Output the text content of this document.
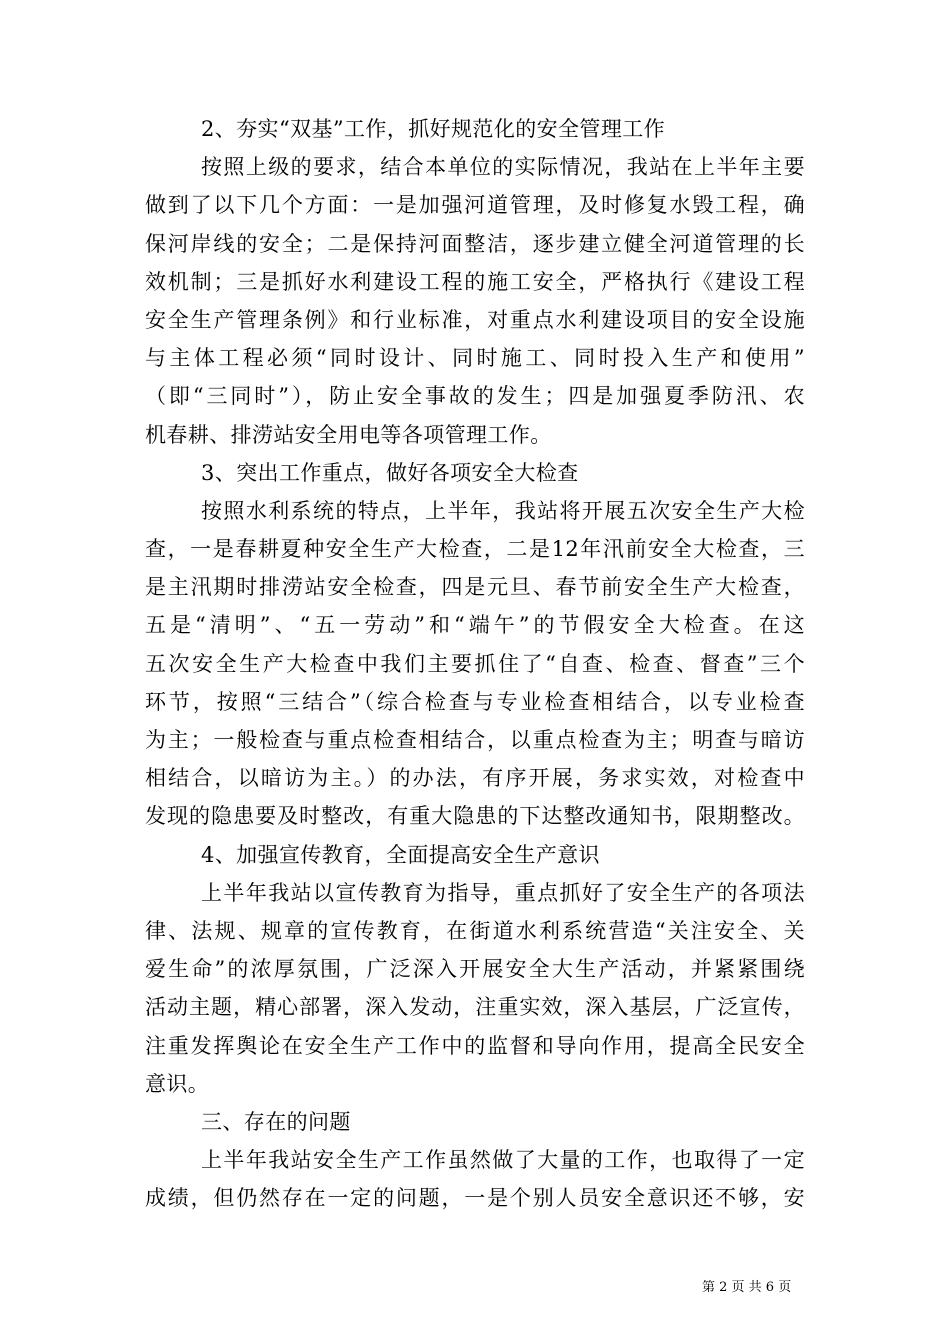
2、夯实“双基”工作，抓好规范化的安全管理工作
按照上级的要求，结合本单位的实际情况，我站在上半年主要
做到了以下几个方面：一是加强河道管理，及时修复水毁工程，确
保河岸线的安全；二是保持河面整洁，逐步建立健全河道管理的长
效机制；三是抓好水利建设工程的施工安全，严格执行《建设工程
安全生产管理条例》和行业标准，对重点水利建设项目的安全设施
与主体工程必须“同时设计、同时施工、同时投入生产和使用”
（即“三同时”），防止安全事故的发生；四是加强夏季防汛、农
机春耕、排涝站安全用电等各项管理工作。
3、突出工作重点，做好各项安全大检查
按照水利系统的特点，上半年，我站将开展五次安全生产大检
查，一是春耕夏种安全生产大检查，二是12年汛前安全大检查，三
是主汛期时排涝站安全检查，四是元旦、春节前安全生产大检查，
五是“清明”、“五一劳动”和“端午”的节假安全大检查。在这
五次安全生产大检查中我们主要抓住了“自查、检查、督查”三个
环节，按照“三结合”（综合检查与专业检查相结合，以专业检查
为主；一般检查与重点检查相结合，以重点检查为主；明查与暗访
相结合，以暗访为主。）的办法，有序开展，务求实效，对检查中
发现的隐患要及时整改，有重大隐患的下达整改通知书，限期整改。
4、加强宣传教育，全面提高安全生产意识
上半年我站以宣传教育为指导，重点抓好了安全生产的各项法
律、法规、规章的宣传教育，在街道水利系统营造“关注安全、关
爱生命”的浓厚氛围，广泛深入开展安全大生产活动，并紧紧围绕
活动主题，精心部署，深入发动，注重实效，深入基层，广泛宣传，
注重发挥舆论在安全生产工作中的监督和导向作用，提高全民安全
意识。
三、存在的问题
上半年我站安全生产工作虽然做了大量的工作，也取得了一定
成绩，但仍然存在一定的问题，一是个别人员安全意识还不够，安
第 2 页 共 6 页
